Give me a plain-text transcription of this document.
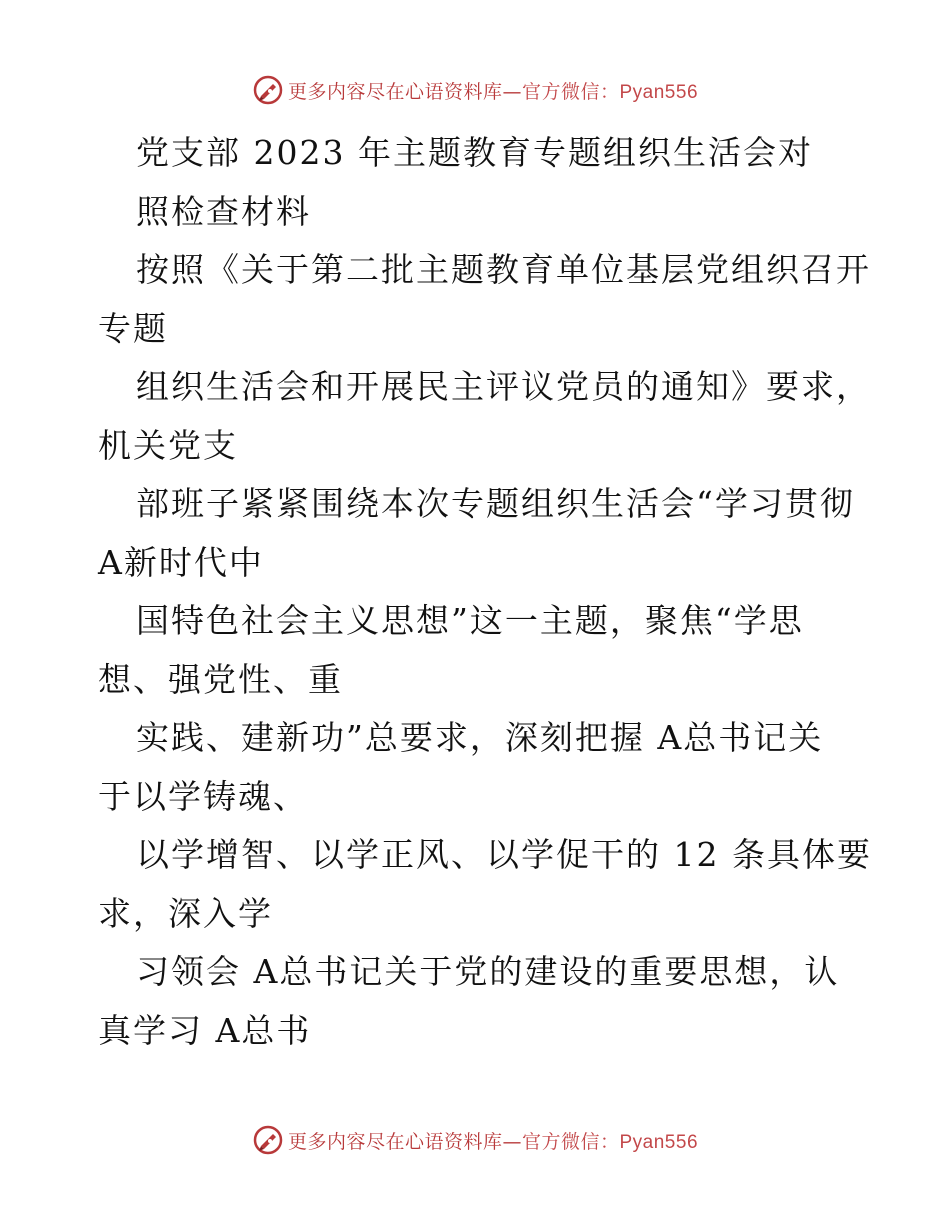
更多内容尽在心语资料库—官方微信：Pyan556
党支部 2023 年主题教育专题组织生活会对
照检查材料
按照《关于第二批主题教育单位基层党组织召开
专题
组织生活会和开展民主评议党员的通知》要求，
机关党支
部班子紧紧围绕本次专题组织生活会“学习贯彻
A新时代中
国特色社会主义思想”这一主题，聚焦“学思
想、强党性、重
实践、建新功”总要求，深刻把握 A总书记关
于以学铸魂、
以学增智、以学正风、以学促干的 12 条具体要
求，深入学
习领会 A总书记关于党的建设的重要思想，认
真学习 A总书
更多内容尽在心语资料库—官方微信：Pyan556
